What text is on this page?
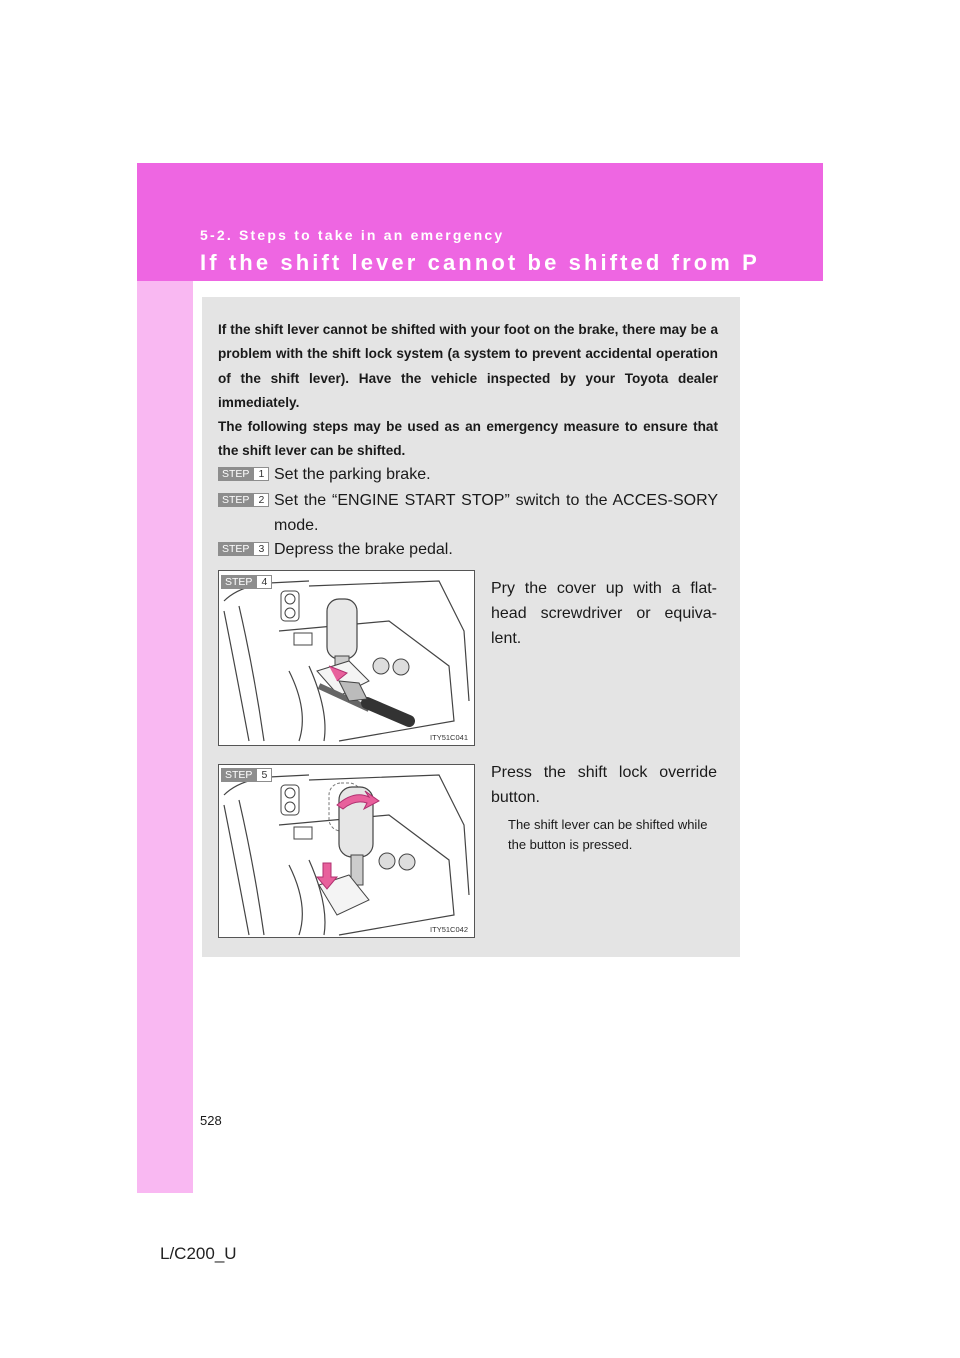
5-2. Steps to take in an emergency
If the shift lever cannot be shifted from P

If the shift lever cannot be shifted with your foot on the brake, there may be a problem with the shift lock system (a system to prevent accidental operation of the shift lever). Have the vehicle inspected by your Toyota dealer immediately.

The following steps may be used as an emergency measure to ensure that the shift lever can be shifted.

STEP 1 Set the parking brake.
STEP 2 Set the “ENGINE START STOP” switch to the ACCES-SORY mode.
STEP 3 Depress the brake pedal.
ITY51C041
STEP 4	Pry the cover up with a flat-head screwdriver or equiva-lent.
ITY51C042
STEP 5	Press the shift lock override button.
The shift lever can be shifted while the button is pressed.
528
L/C200_U
